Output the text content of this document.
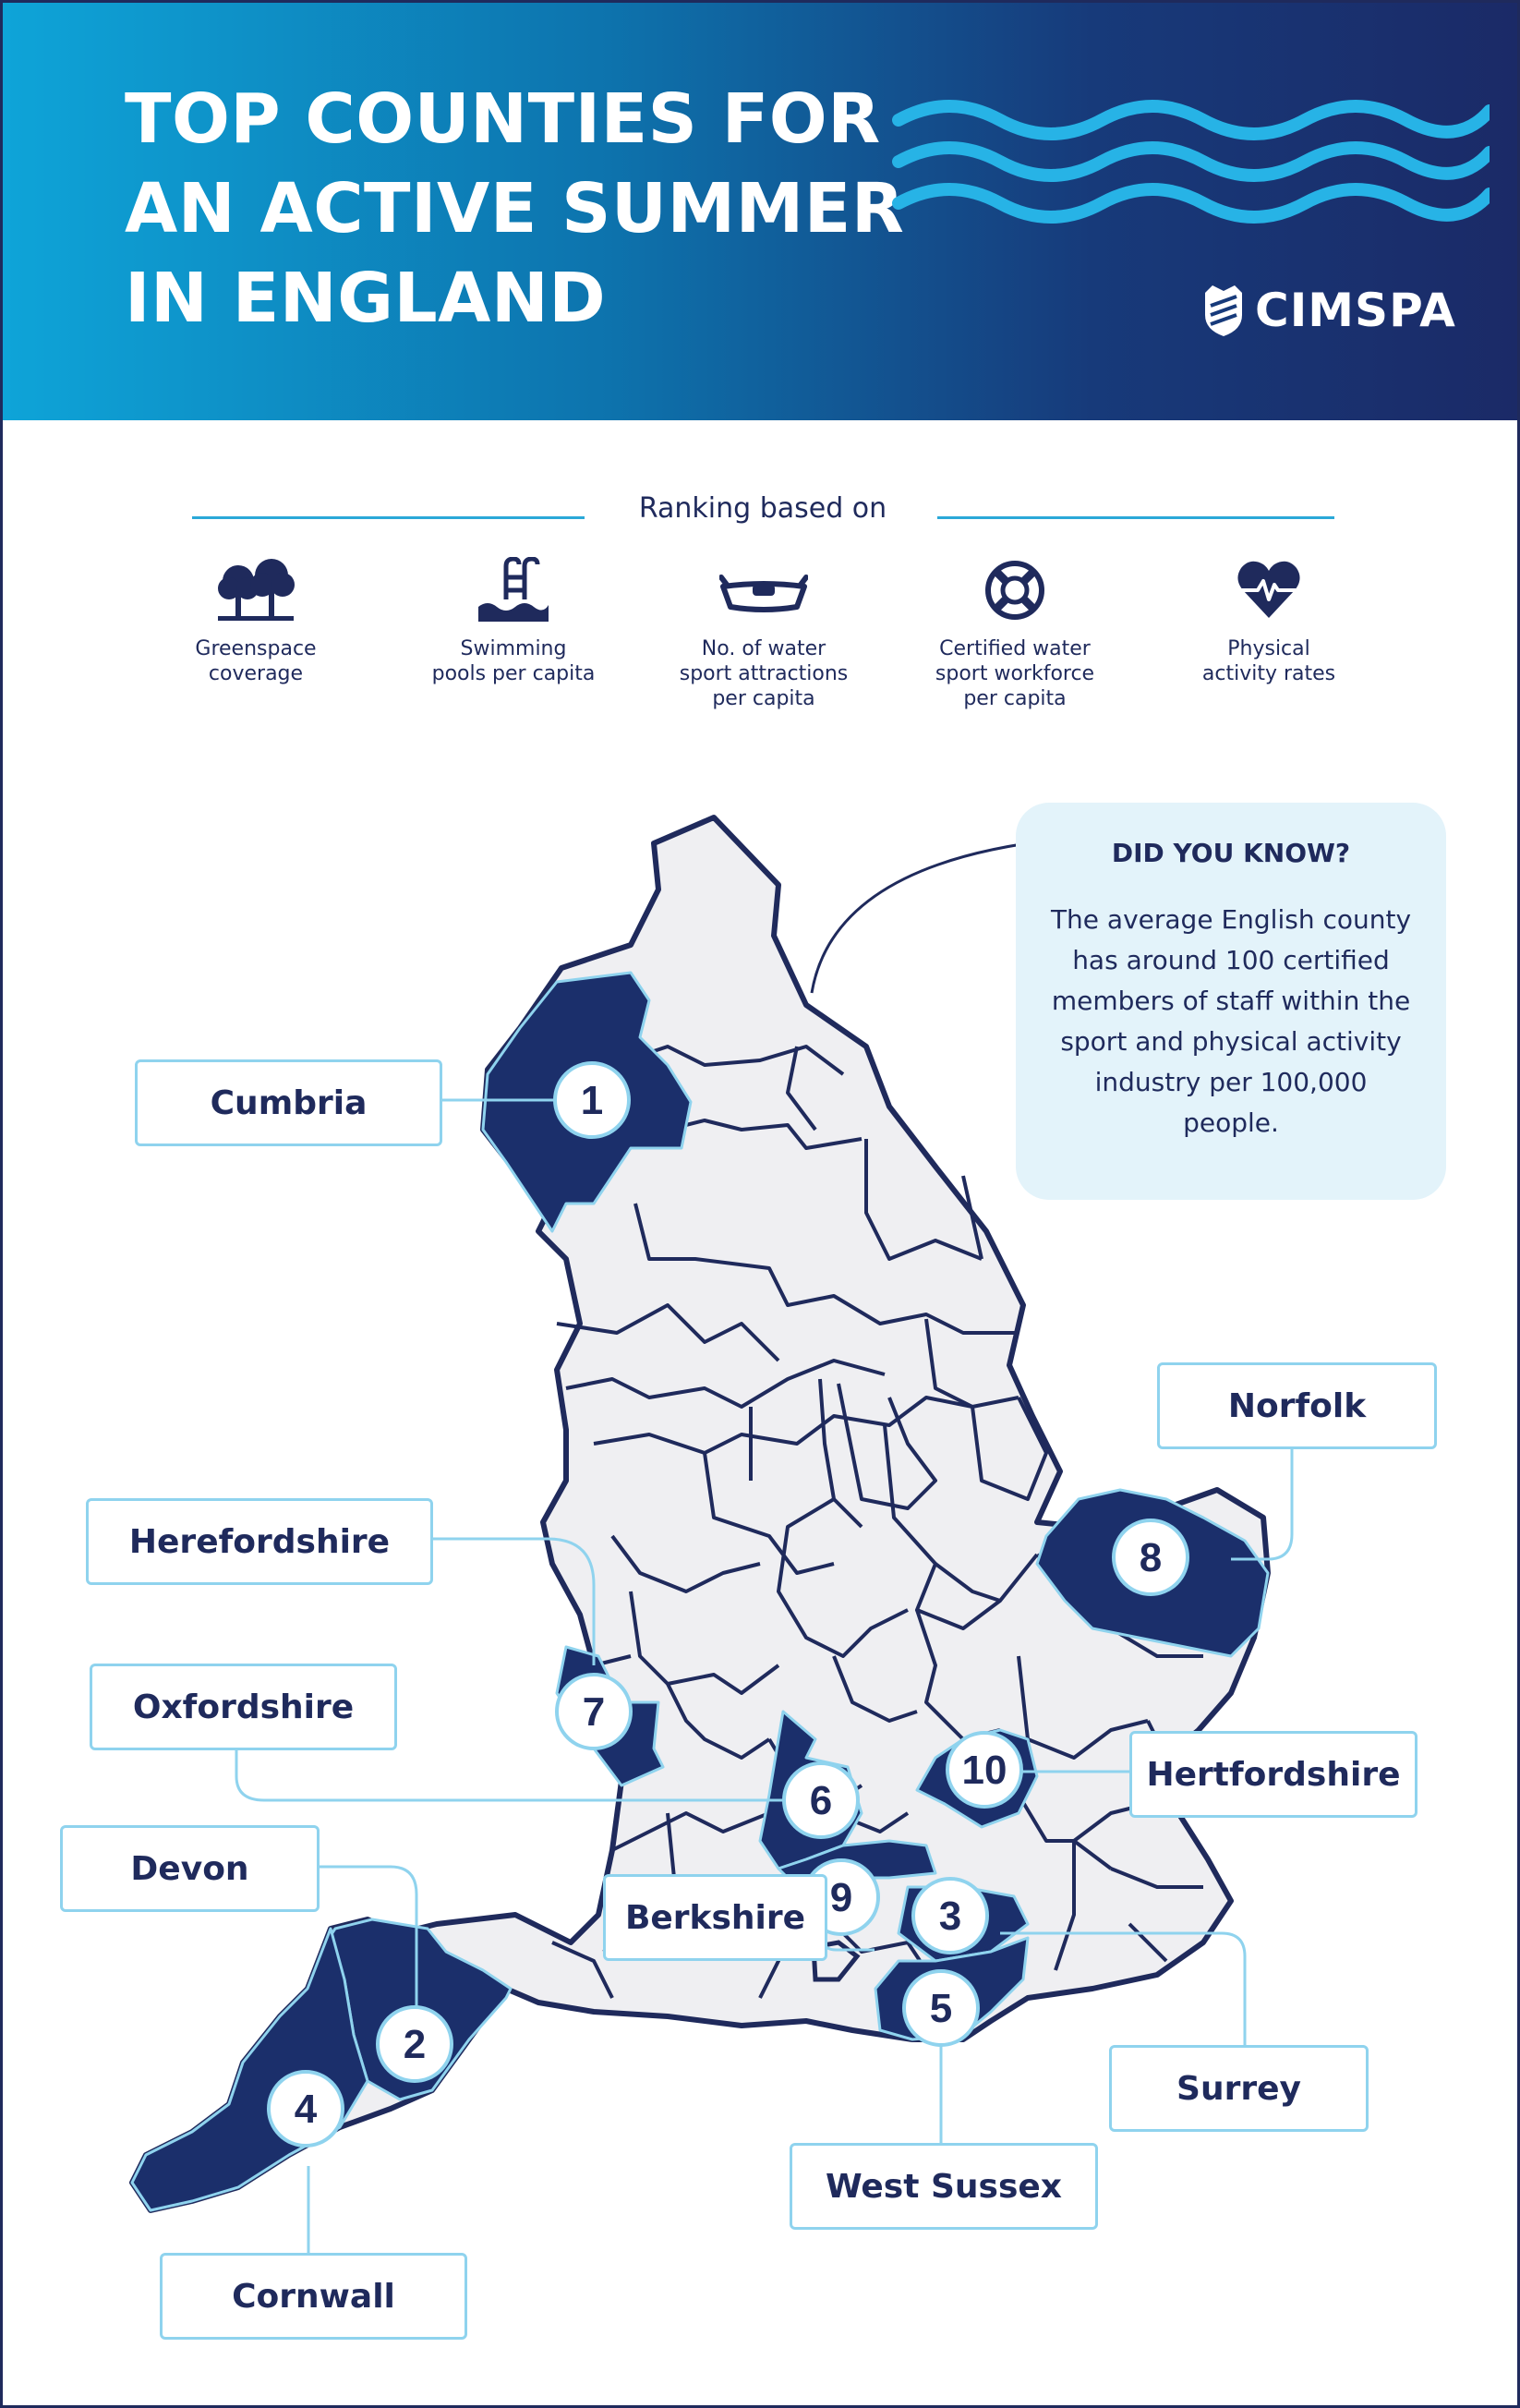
TOP COUNTIES FOR
AN ACTIVE SUMMER
IN ENGLAND	CIMSPA
Ranking based on
Greenspace
coverage
Swimming
pools per capita
No. of water
sport attractions
per capita
Certified water
sport workforce
per capita
Physical
activity rates
1
2
3
4
5
6
7
8
9
10
Cumbria
Norfolk
Herefordshire
Oxfordshire
Hertfordshire
Devon
Berkshire
Surrey
West Sussex
Cornwall
DID YOU KNOW?
The average English county has around 100 certified members of staff within the sport and physical activity industry per 100,000 people.
